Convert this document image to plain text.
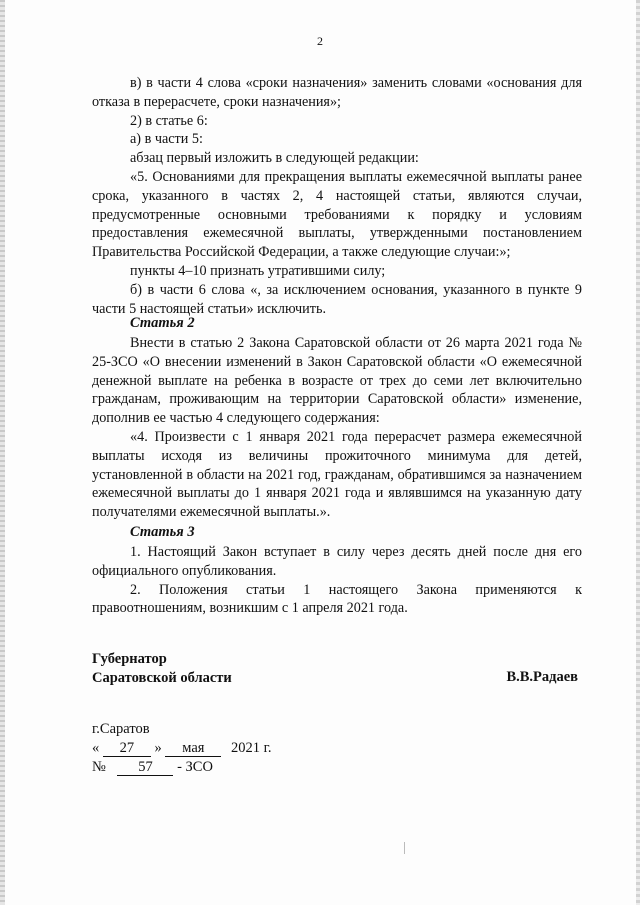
2

в) в части 4 слова «сроки назначения» заменить словами «основания для отказа в перерасчете, сроки назначения»;

2) в статье 6:

а) в части 5:

абзац первый изложить в следующей редакции:

«5. Основаниями для прекращения выплаты ежемесячной выплаты ранее срока, указанного в частях 2, 4 настоящей статьи, являются случаи, предусмотренные основными требованиями к порядку и условиям предоставления ежемесячной выплаты, утвержденными постановлением Правительства Российской Федерации, а также следующие случаи:»;

пункты 4–10 признать утратившими силу;

б) в части 6 слова «, за исключением основания, указанного в пункте 9 части 5 настоящей статьи» исключить.

Статья 2

Внести в статью 2 Закона Саратовской области от 26 марта 2021 года № 25-ЗСО «О внесении изменений в Закон Саратовской области «О ежемесячной денежной выплате на ребенка в возрасте от трех до семи лет включительно гражданам, проживающим на территории Саратовской области» изменение, дополнив ее частью 4 следующего содержания:

«4. Произвести с 1 января 2021 года перерасчет размера ежемесячной выплаты исходя из величины прожиточного минимума для детей, установленной в области на 2021 год, гражданам, обратившимся за назначением ежемесячной выплаты до 1 января 2021 года и являвшимся на указанную дату получателями ежемесячной выплаты.».

Статья 3

1. Настоящий Закон вступает в силу через десять дней после дня его официального опубликования.

2. Положения статьи 1 настоящего Закона применяются к правоотношениям, возникшим с 1 апреля 2021 года.

Губернатор
Саратовской области	В.В.Радаев
г.Саратов
« 27 » мая 2021 г.
№ 57 - ЗСО
